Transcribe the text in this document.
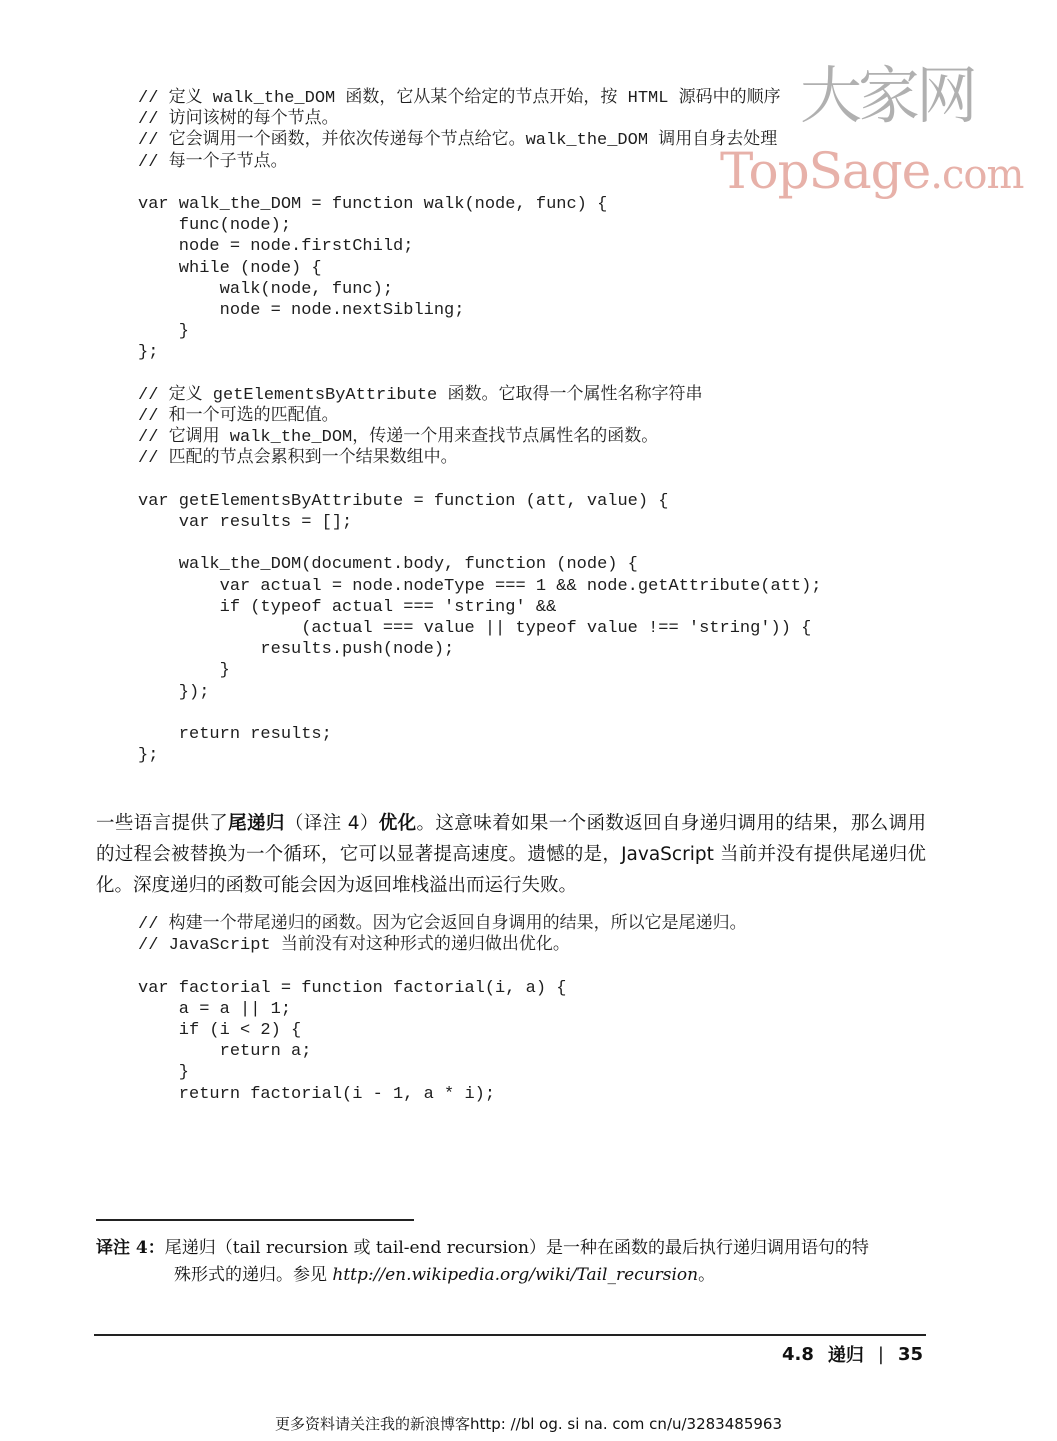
大家网
TopSage.com
// 定义 walk_the_DOM 函数，它从某个给定的节点开始，按 HTML 源码中的顺序
// 访问该树的每个节点。
// 它会调用一个函数，并依次传递每个节点给它。walk_the_DOM 调用自身去处理
// 每一个子节点。

var walk_the_DOM = function walk(node, func) {
func(node);
node = node.firstChild;
while (node) {
walk(node, func);
node = node.nextSibling;
}
};

// 定义 getElementsByAttribute 函数。它取得一个属性名称字符串
// 和一个可选的匹配值。
// 它调用 walk_the_DOM，传递一个用来查找节点属性名的函数。
// 匹配的节点会累积到一个结果数组中。

var getElementsByAttribute = function (att, value) {
var results = [];

walk_the_DOM(document.body, function (node) {
var actual = node.nodeType === 1 && node.getAttribute(att);
if (typeof actual === 'string' &&
(actual === value || typeof value !== 'string')) {
results.push(node);
}
});

return results;
};

一些语言提供了尾递归（译注 4）优化。这意味着如果一个函数返回自身递归调用的结果，那么调用的过程会被替换为一个循环，它可以显著提高速度。遗憾的是，JavaScript 当前并没有提供尾递归优化。深度递归的函数可能会因为返回堆栈溢出而运行失败。

// 构建一个带尾递归的函数。因为它会返回自身调用的结果，所以它是尾递归。
// JavaScript 当前没有对这种形式的递归做出优化。

var factorial = function factorial(i, a) {
a = a || 1;
if (i < 2) {
return a;
}
return factorial(i - 1, a * i);
译注 4：尾递归（tail recursion 或 tail-end recursion）是一种在函数的最后执行递归调用语句的特
殊形式的递归。参见 http://en.wikipedia.org/wiki/Tail_recursion。
4.8 递归 | 35
更多资料请关注我的新浪博客http: //bl og. si na. com cn/u/3283485963
